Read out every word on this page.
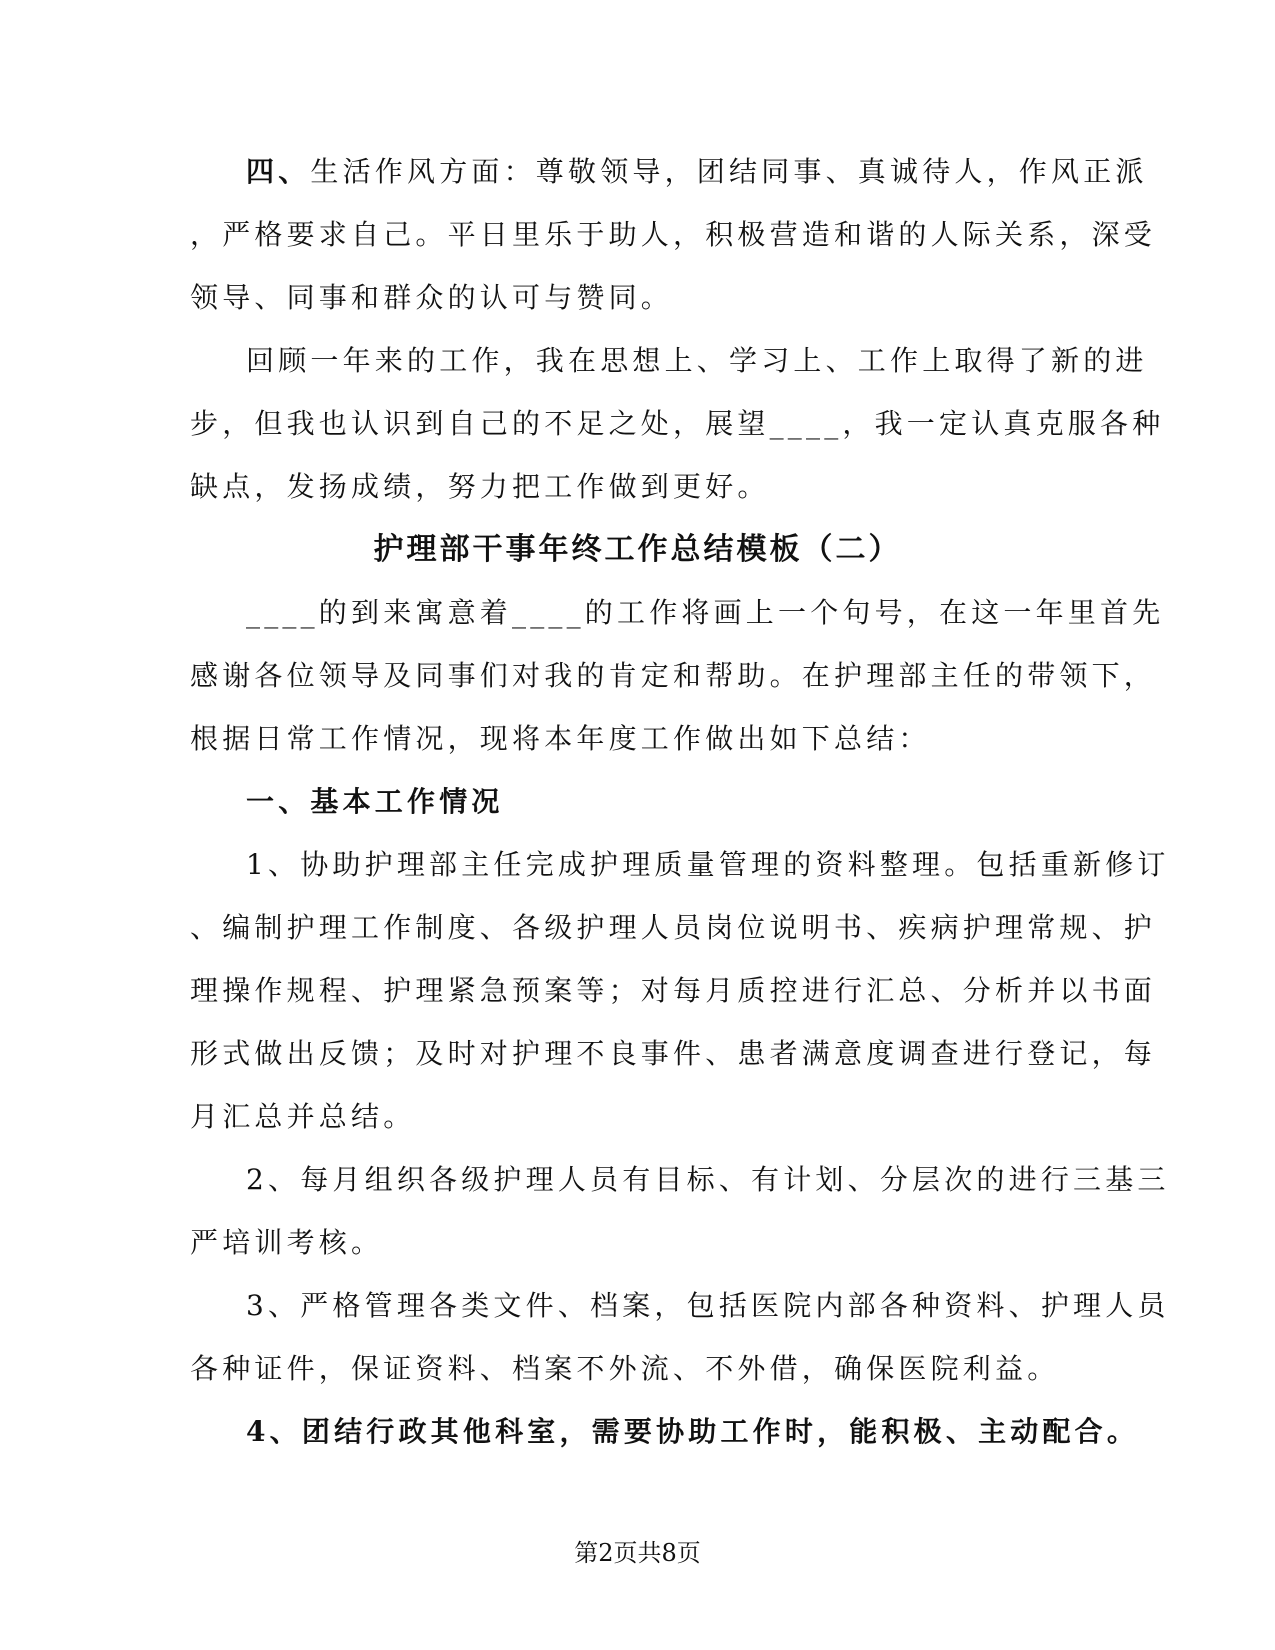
四、生活作风方面：尊敬领导，团结同事、真诚待人，作风正派
，严格要求自己。平日里乐于助人，积极营造和谐的人际关系，深受
领导、同事和群众的认可与赞同。
回顾一年来的工作，我在思想上、学习上、工作上取得了新的进
步，但我也认识到自己的不足之处，展望____，我一定认真克服各种
缺点，发扬成绩，努力把工作做到更好。
护理部干事年终工作总结模板（二）
____的到来寓意着____的工作将画上一个句号，在这一年里首先
感谢各位领导及同事们对我的肯定和帮助。在护理部主任的带领下，
根据日常工作情况，现将本年度工作做出如下总结：
一、基本工作情况
1、协助护理部主任完成护理质量管理的资料整理。包括重新修订
、编制护理工作制度、各级护理人员岗位说明书、疾病护理常规、护
理操作规程、护理紧急预案等；对每月质控进行汇总、分析并以书面
形式做出反馈；及时对护理不良事件、患者满意度调查进行登记，每
月汇总并总结。
2、每月组织各级护理人员有目标、有计划、分层次的进行三基三
严培训考核。
3、严格管理各类文件、档案，包括医院内部各种资料、护理人员
各种证件，保证资料、档案不外流、不外借，确保医院利益。
4、团结行政其他科室，需要协助工作时，能积极、主动配合。
第2页共8页
